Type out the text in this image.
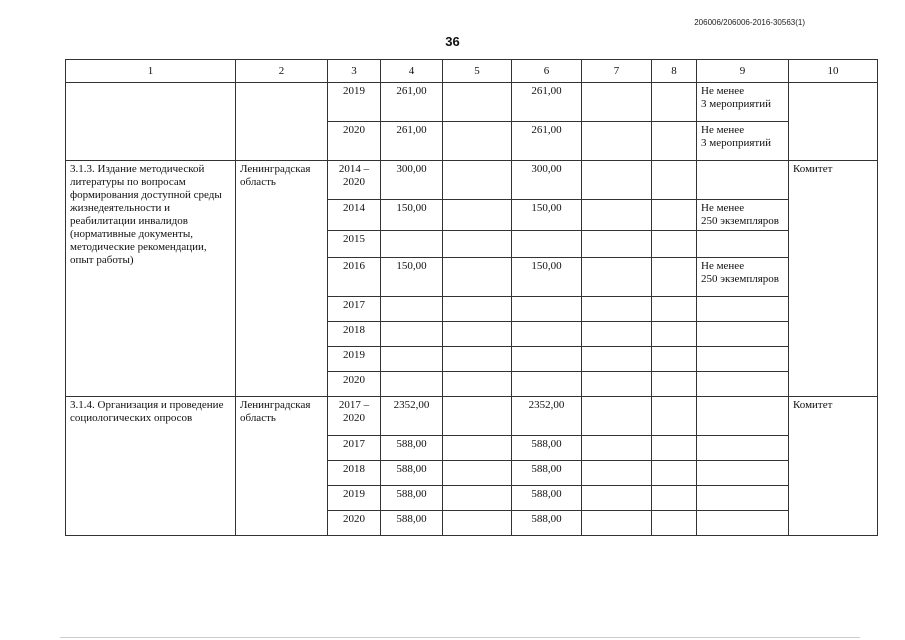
206006/206006-2016-30563(1)
36
1	2	3	4	5	6	7	8	9	10
		2019	261,00		261,00			Не менее
3 мероприятий	
		2020	261,00		261,00			Не менее
3 мероприятий	
3.1.3. Издание методической литературы по вопросам формирования доступной среды жизнедеятельности и реабилитации инвалидов (нормативные документы, методические рекомендации, опыт работы)	Ленинградская область	2014 –
2020	300,00		300,00				Комитет
		2014	150,00		150,00			Не менее
250 экземпляров	
		2015							
		2016	150,00		150,00			Не менее
250 экземпляров	
		2017							
		2018							
		2019							
		2020							
3.1.4. Организация и проведение социологических опросов	Ленинградская область	2017 –
2020	2352,00		2352,00				Комитет
		2017	588,00		588,00				
		2018	588,00		588,00				
		2019	588,00		588,00				
		2020	588,00		588,00				
